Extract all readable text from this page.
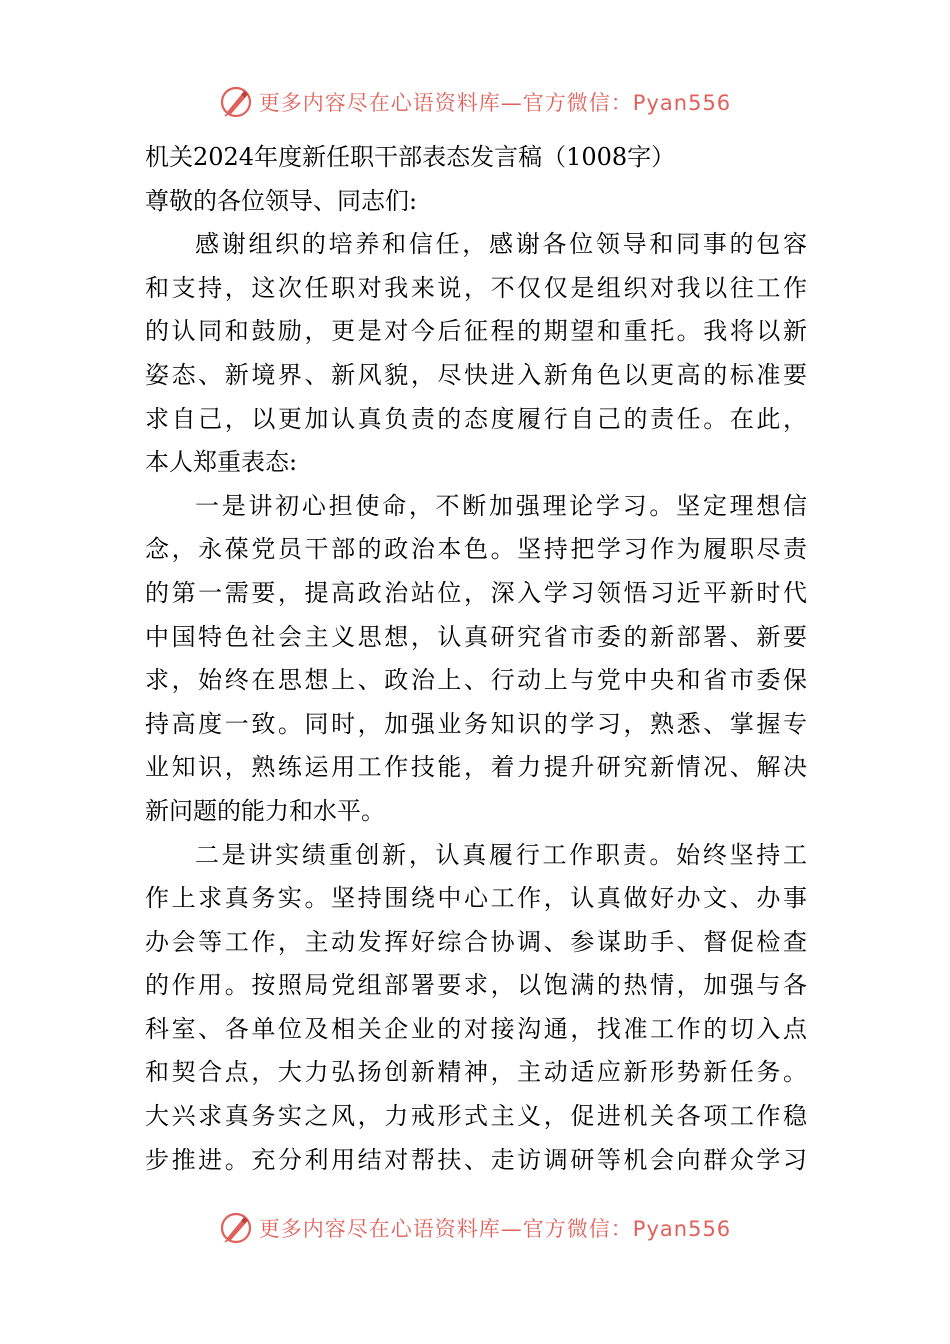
更多内容尽在心语资料库—官方微信：Pyan556
机关2024年度新任职干部表态发言稿（1008字）
尊敬的各位领导、同志们:
感谢组织的培养和信任，感谢各位领导和同事的包容
和支持，这次任职对我来说，不仅仅是组织对我以往工作
的认同和鼓励，更是对今后征程的期望和重托。我将以新
姿态、新境界、新风貌，尽快进入新角色以更高的标准要
求自己，以更加认真负责的态度履行自己的责任。在此，
本人郑重表态:
一是讲初心担使命，不断加强理论学习。坚定理想信
念，永葆党员干部的政治本色。坚持把学习作为履职尽责
的第一需要，提高政治站位，深入学习领悟习近平新时代
中国特色社会主义思想，认真研究省市委的新部署、新要
求，始终在思想上、政治上、行动上与党中央和省市委保
持高度一致。同时，加强业务知识的学习，熟悉、掌握专
业知识，熟练运用工作技能，着力提升研究新情况、解决
新问题的能力和水平。
二是讲实绩重创新，认真履行工作职责。始终坚持工
作上求真务实。坚持围绕中心工作，认真做好办文、办事
办会等工作，主动发挥好综合协调、参谋助手、督促检查
的作用。按照局党组部署要求，以饱满的热情，加强与各
科室、各单位及相关企业的对接沟通，找准工作的切入点
和契合点，大力弘扬创新精神，主动适应新形势新任务。
大兴求真务实之风，力戒形式主义，促进机关各项工作稳
步推进。充分利用结对帮扶、走访调研等机会向群众学习
更多内容尽在心语资料库—官方微信：Pyan556
